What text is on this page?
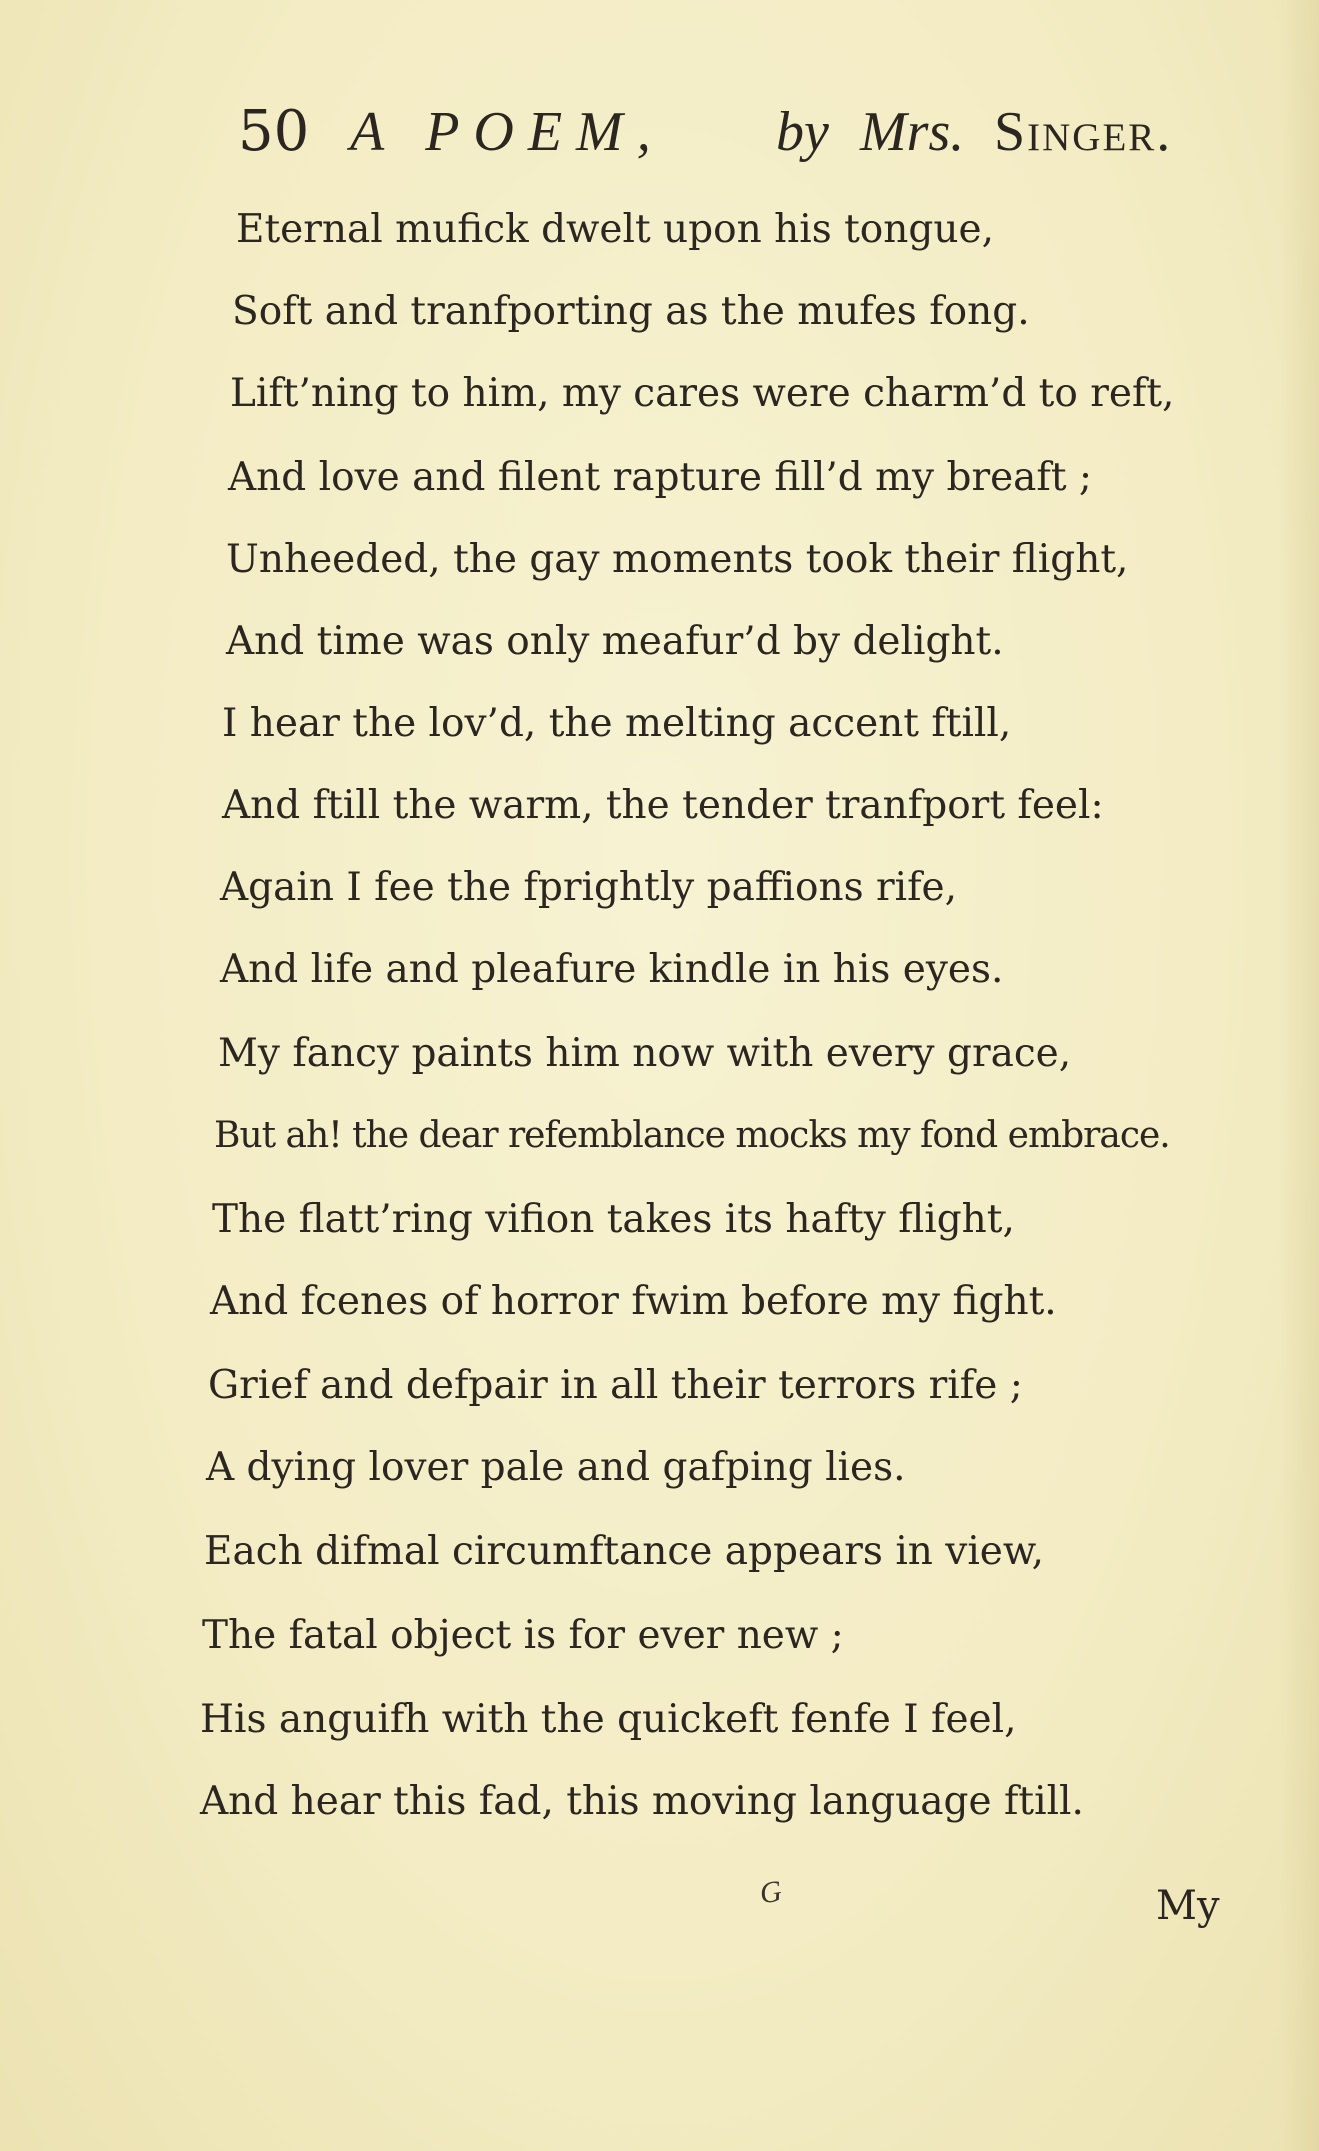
50 A POEM, by Mrs. Singer.
Eternal mufick dwelt upon his tongue,
Soft and tranfporting as the mufes fong.
Lift’ning to him, my cares were charm’d to reft,
And love and filent rapture fill’d my breaft ;
Unheeded, the gay moments took their flight,
And time was only meafur’d by delight.
I hear the lov’d, the melting accent ftill,
And ftill the warm, the tender tranfport feel:
Again I fee the fprightly paffions rife,
And life and pleafure kindle in his eyes.
My fancy paints him now with every grace,
But ah! the dear refemblance mocks my fond embrace.
The flatt’ring vifion takes its hafty flight,
And fcenes of horror fwim before my fight.
Grief and defpair in all their terrors rife ;
A dying lover pale and gafping lies.
Each difmal circumftance appears in view,
The fatal object is for ever new ;
His anguifh with the quickeft fenfe I feel,
And hear this fad, this moving language ftill.
G	My
